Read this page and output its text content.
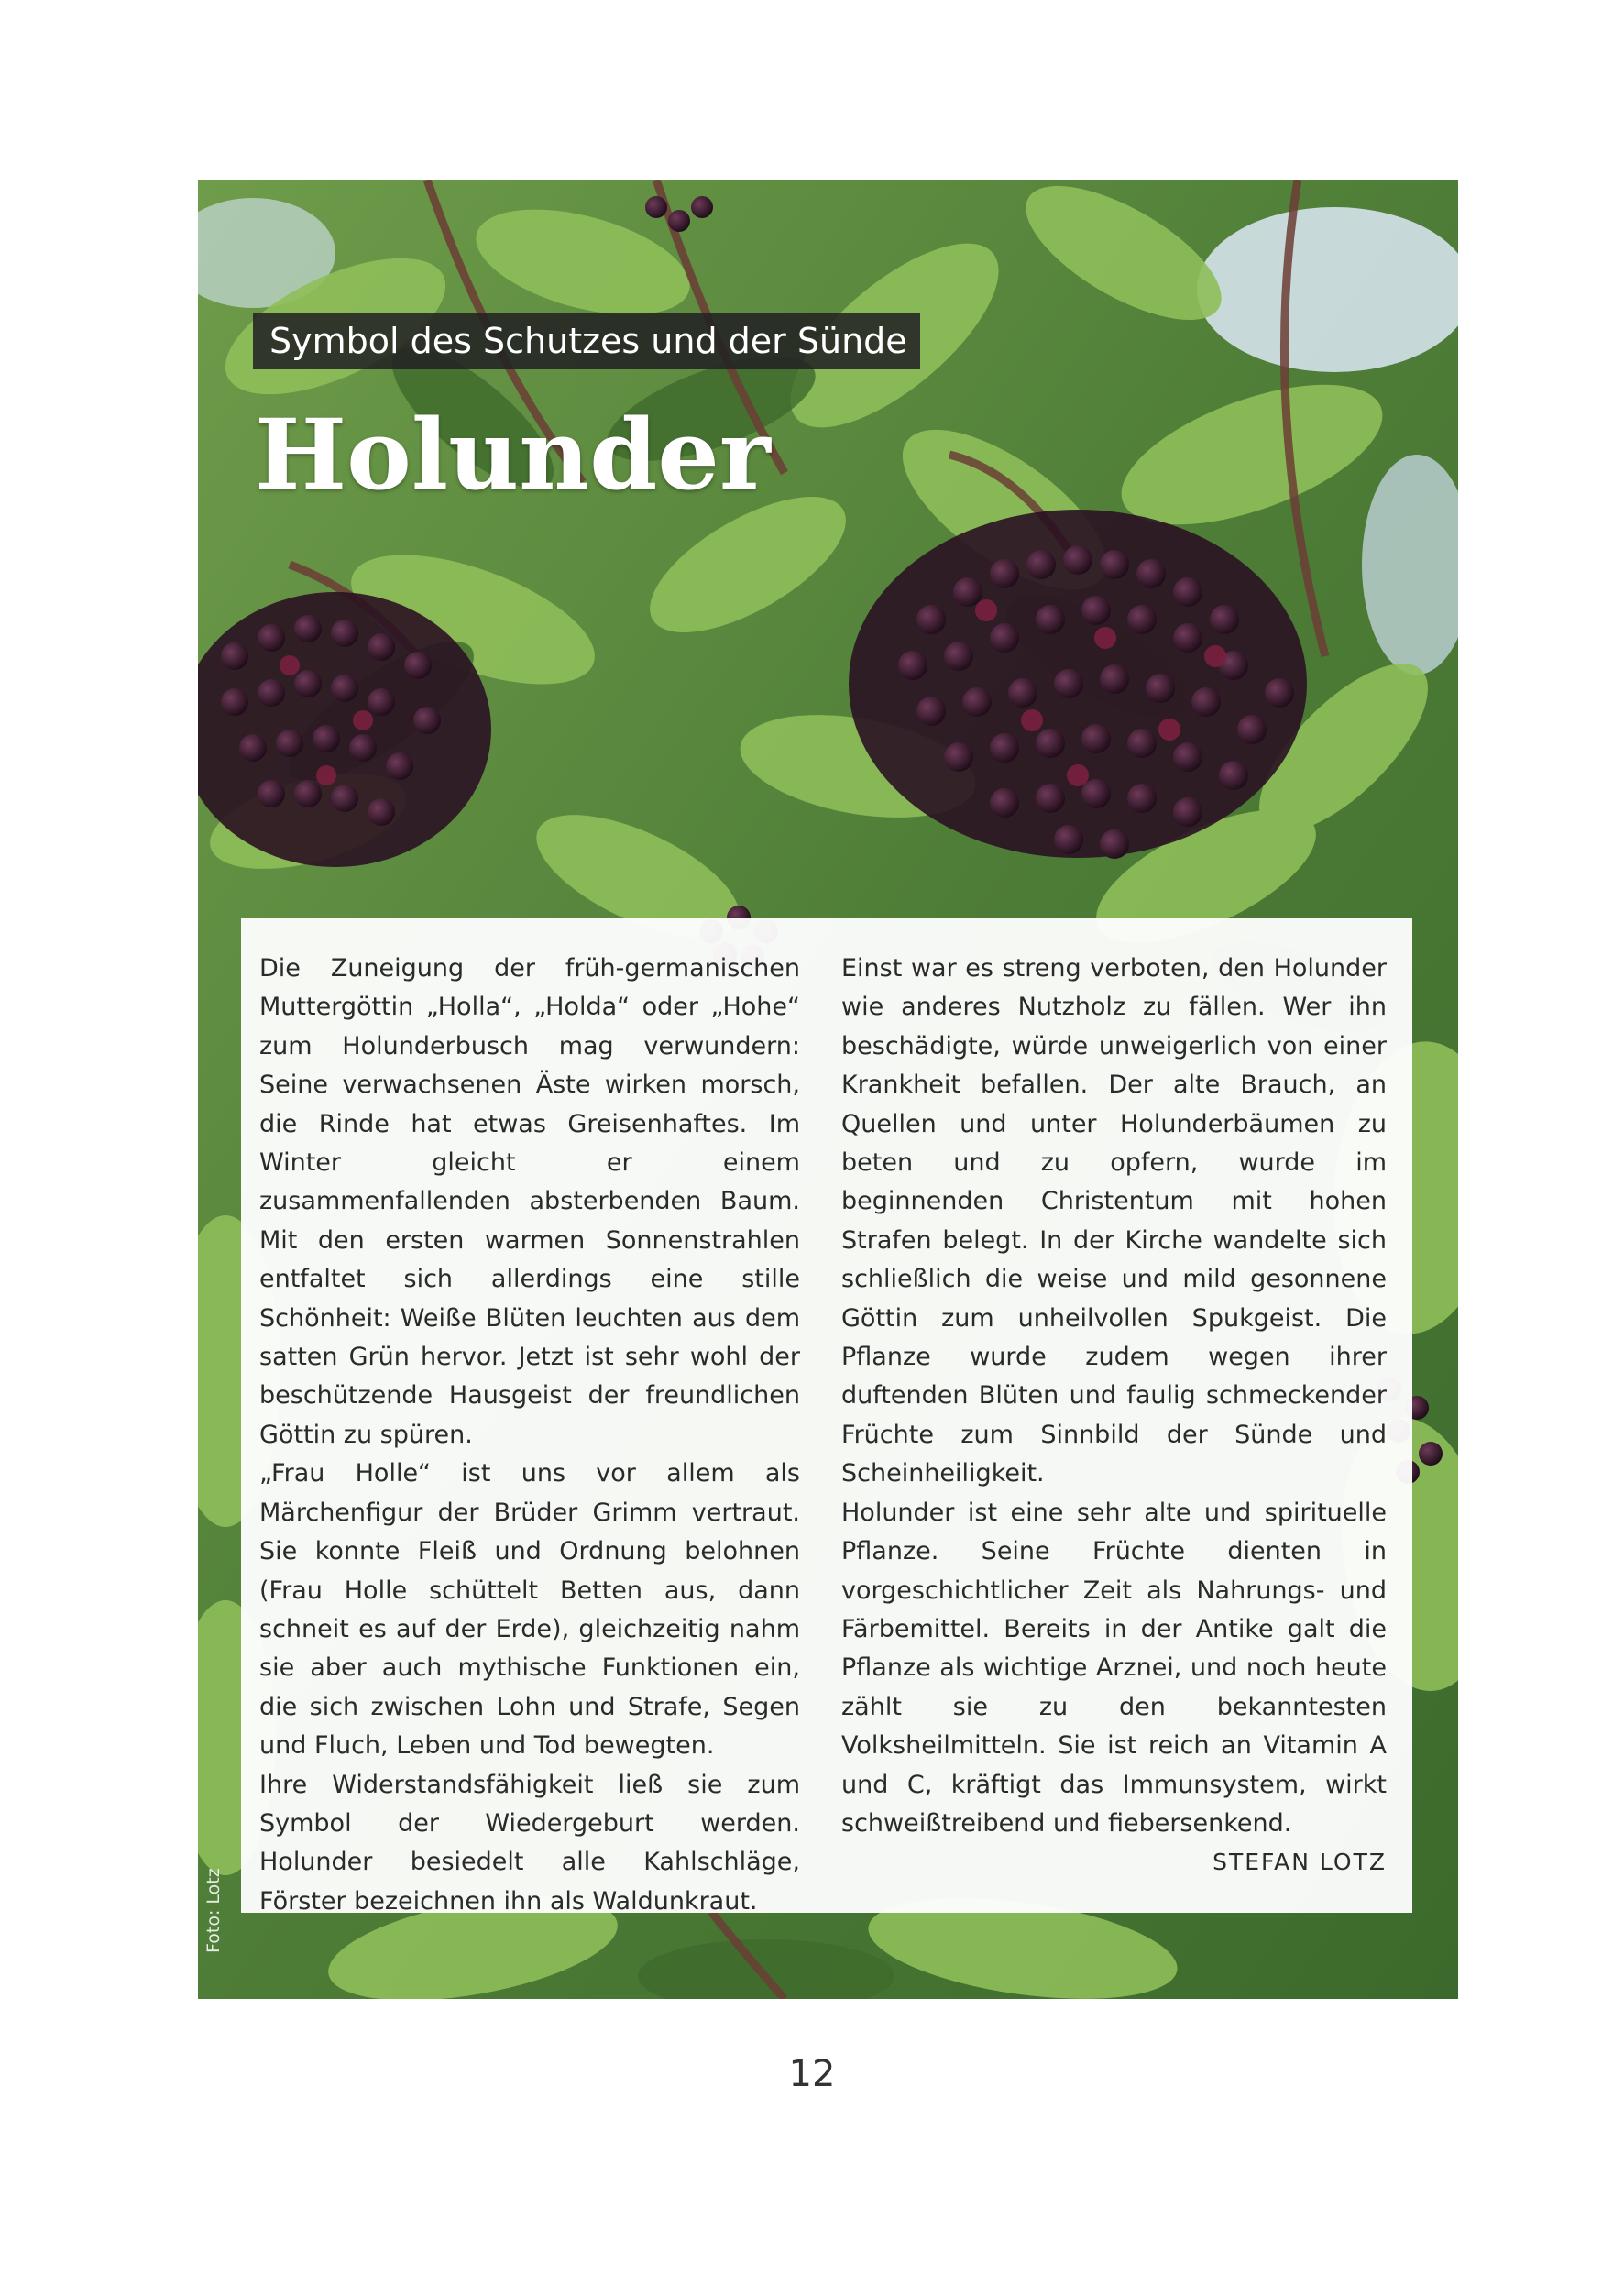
Symbol des Schutzes und der Sünde
Holunder
Foto: Lotz

Die Zuneigung der früh-germanischen Muttergöttin „Holla“, „Holda“ oder „Hohe“ zum Holunderbusch mag verwundern: Seine verwachsenen Äste wirken morsch, die Rinde hat etwas Greisenhaftes. Im Winter gleicht er einem zusammenfallenden absterbenden Baum. Mit den ersten warmen Sonnenstrahlen entfaltet sich allerdings eine stille Schönheit: Weiße Blüten leuchten aus dem satten Grün hervor. Jetzt ist sehr wohl der beschützende Hausgeist der freundlichen Göttin zu spüren.

„Frau Holle“ ist uns vor allem als Märchenfigur der Brüder Grimm vertraut. Sie konnte Fleiß und Ordnung belohnen (Frau Holle schüttelt Betten aus, dann schneit es auf der Erde), gleichzeitig nahm sie aber auch mythische Funktionen ein, die sich zwischen Lohn und Strafe, Segen und Fluch, Leben und Tod bewegten.

Ihre Widerstandsfähigkeit ließ sie zum Symbol der Wiedergeburt werden. Holunder besiedelt alle Kahlschläge, Förster bezeichnen ihn als Waldunkraut.

Einst war es streng verboten, den Holunder wie anderes Nutzholz zu fällen. Wer ihn beschädigte, würde unweigerlich von einer Krankheit befallen. Der alte Brauch, an Quellen und unter Holunderbäumen zu beten und zu opfern, wurde im beginnenden Christentum mit hohen Strafen belegt. In der Kirche wandelte sich schließlich die weise und mild gesonnene Göttin zum unheilvollen Spukgeist. Die Pflanze wurde zudem wegen ihrer duftenden Blüten und faulig schmeckender Früchte zum Sinnbild der Sünde und Scheinheiligkeit.

Holunder ist eine sehr alte und spirituelle Pflanze. Seine Früchte dienten in vorgeschichtlicher Zeit als Nahrungs- und Färbemittel. Bereits in der Antike galt die Pflanze als wichtige Arznei, und noch heute zählt sie zu den bekanntesten Volksheilmitteln. Sie ist reich an Vitamin A und C, kräftigt das Immunsystem, wirkt schweißtreibend und fiebersenkend.

STEFAN LOTZ

12
